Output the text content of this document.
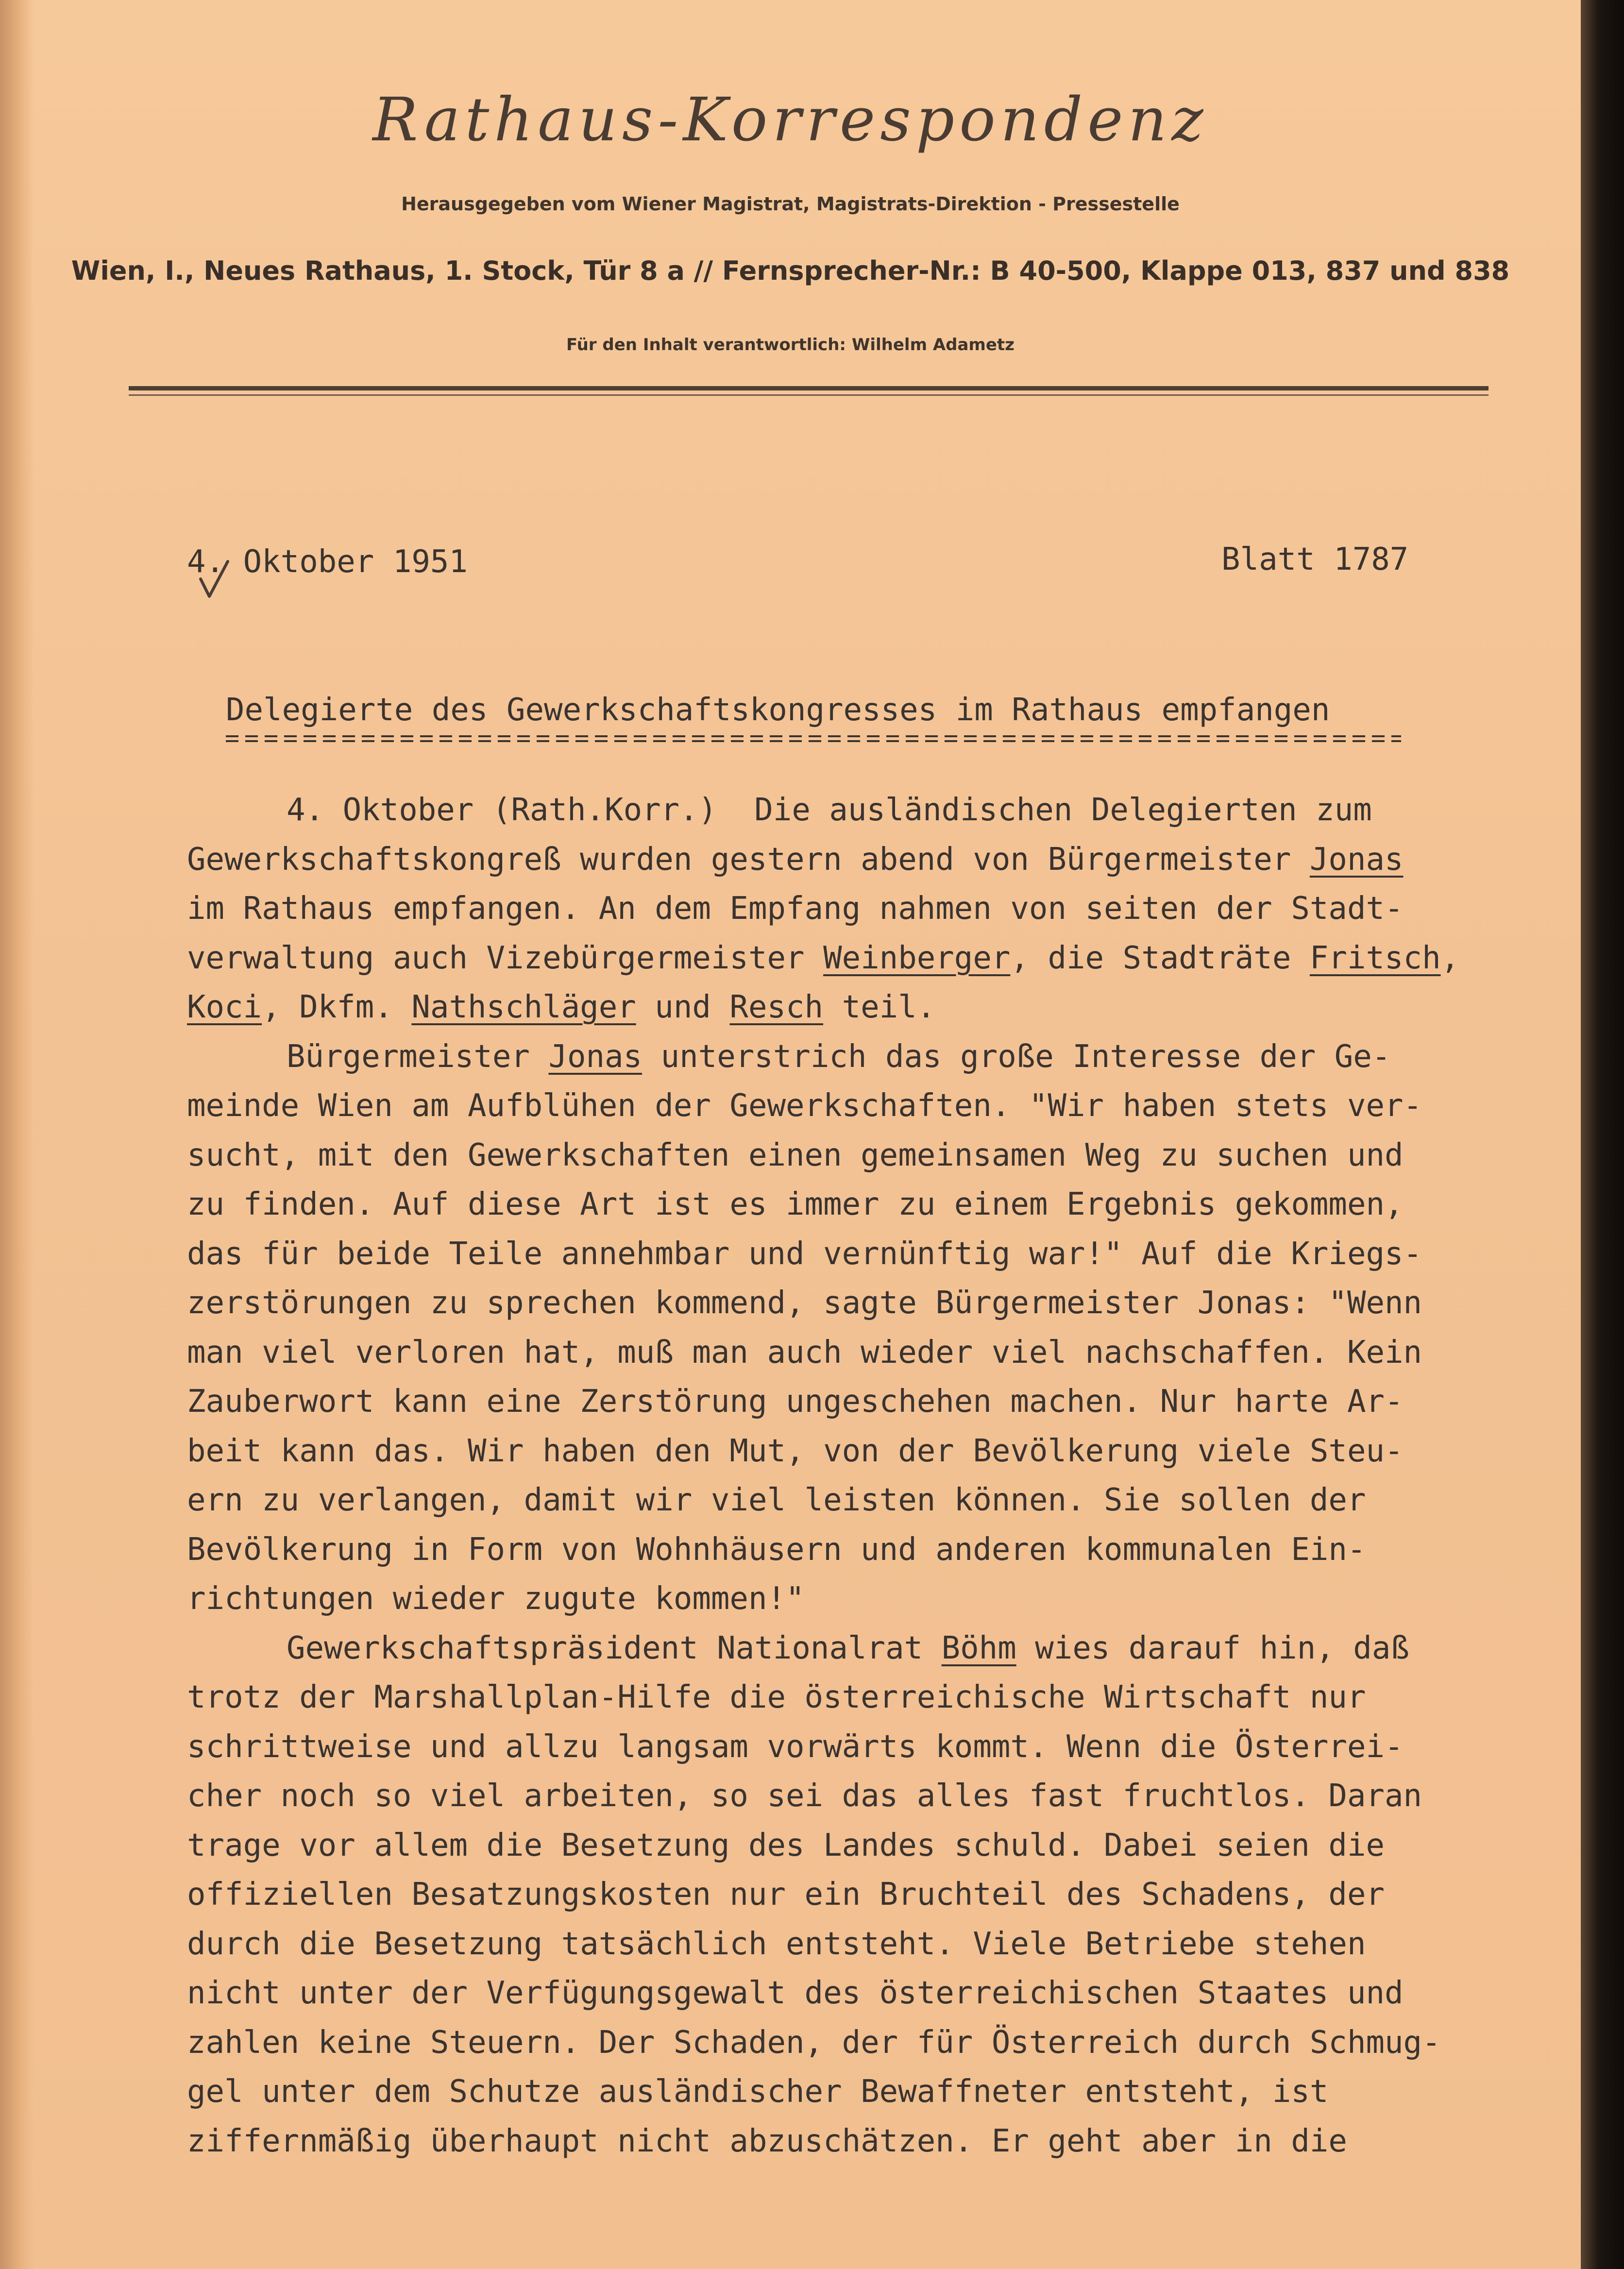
Rathaus-Korrespondenz
Herausgegeben vom Wiener Magistrat, Magistrats-Direktion - Pressestelle
Wien, I., Neues Rathaus, 1. Stock, Tür 8 a // Fernsprecher-Nr.: B 40-500, Klappe 013, 837 und 838
Für den Inhalt verantwortlich: Wilhelm Adametz
4. Oktober 1951	Blatt 1787
Delegierte des Gewerkschaftskongresses im Rathaus empfangen
4. Oktober (Rath.Korr.)  Die ausländischen Delegierten zum
Gewerkschaftskongreß wurden gestern abend von Bürgermeister Jonas
im Rathaus empfangen. An dem Empfang nahmen von seiten der Stadt-
verwaltung auch Vizebürgermeister Weinberger, die Stadträte Fritsch,
Koci, Dkfm. Nathschläger und Resch teil.
Bürgermeister Jonas unterstrich das große Interesse der Ge-
meinde Wien am Aufblühen der Gewerkschaften. "Wir haben stets ver-
sucht, mit den Gewerkschaften einen gemeinsamen Weg zu suchen und
zu finden. Auf diese Art ist es immer zu einem Ergebnis gekommen,
das für beide Teile annehmbar und vernünftig war!" Auf die Kriegs-
zerstörungen zu sprechen kommend, sagte Bürgermeister Jonas: "Wenn
man viel verloren hat, muß man auch wieder viel nachschaffen. Kein
Zauberwort kann eine Zerstörung ungeschehen machen. Nur harte Ar-
beit kann das. Wir haben den Mut, von der Bevölkerung viele Steu-
ern zu verlangen, damit wir viel leisten können. Sie sollen der
Bevölkerung in Form von Wohnhäusern und anderen kommunalen Ein-
richtungen wieder zugute kommen!"
Gewerkschaftspräsident Nationalrat Böhm wies darauf hin, daß
trotz der Marshallplan-Hilfe die österreichische Wirtschaft nur
schrittweise und allzu langsam vorwärts kommt. Wenn die Österrei-
cher noch so viel arbeiten, so sei das alles fast fruchtlos. Daran
trage vor allem die Besetzung des Landes schuld. Dabei seien die
offiziellen Besatzungskosten nur ein Bruchteil des Schadens, der
durch die Besetzung tatsächlich entsteht. Viele Betriebe stehen
nicht unter der Verfügungsgewalt des österreichischen Staates und
zahlen keine Steuern. Der Schaden, der für Österreich durch Schmug-
gel unter dem Schutze ausländischer Bewaffneter entsteht, ist
ziffernmäßig überhaupt nicht abzuschätzen. Er geht aber in die
